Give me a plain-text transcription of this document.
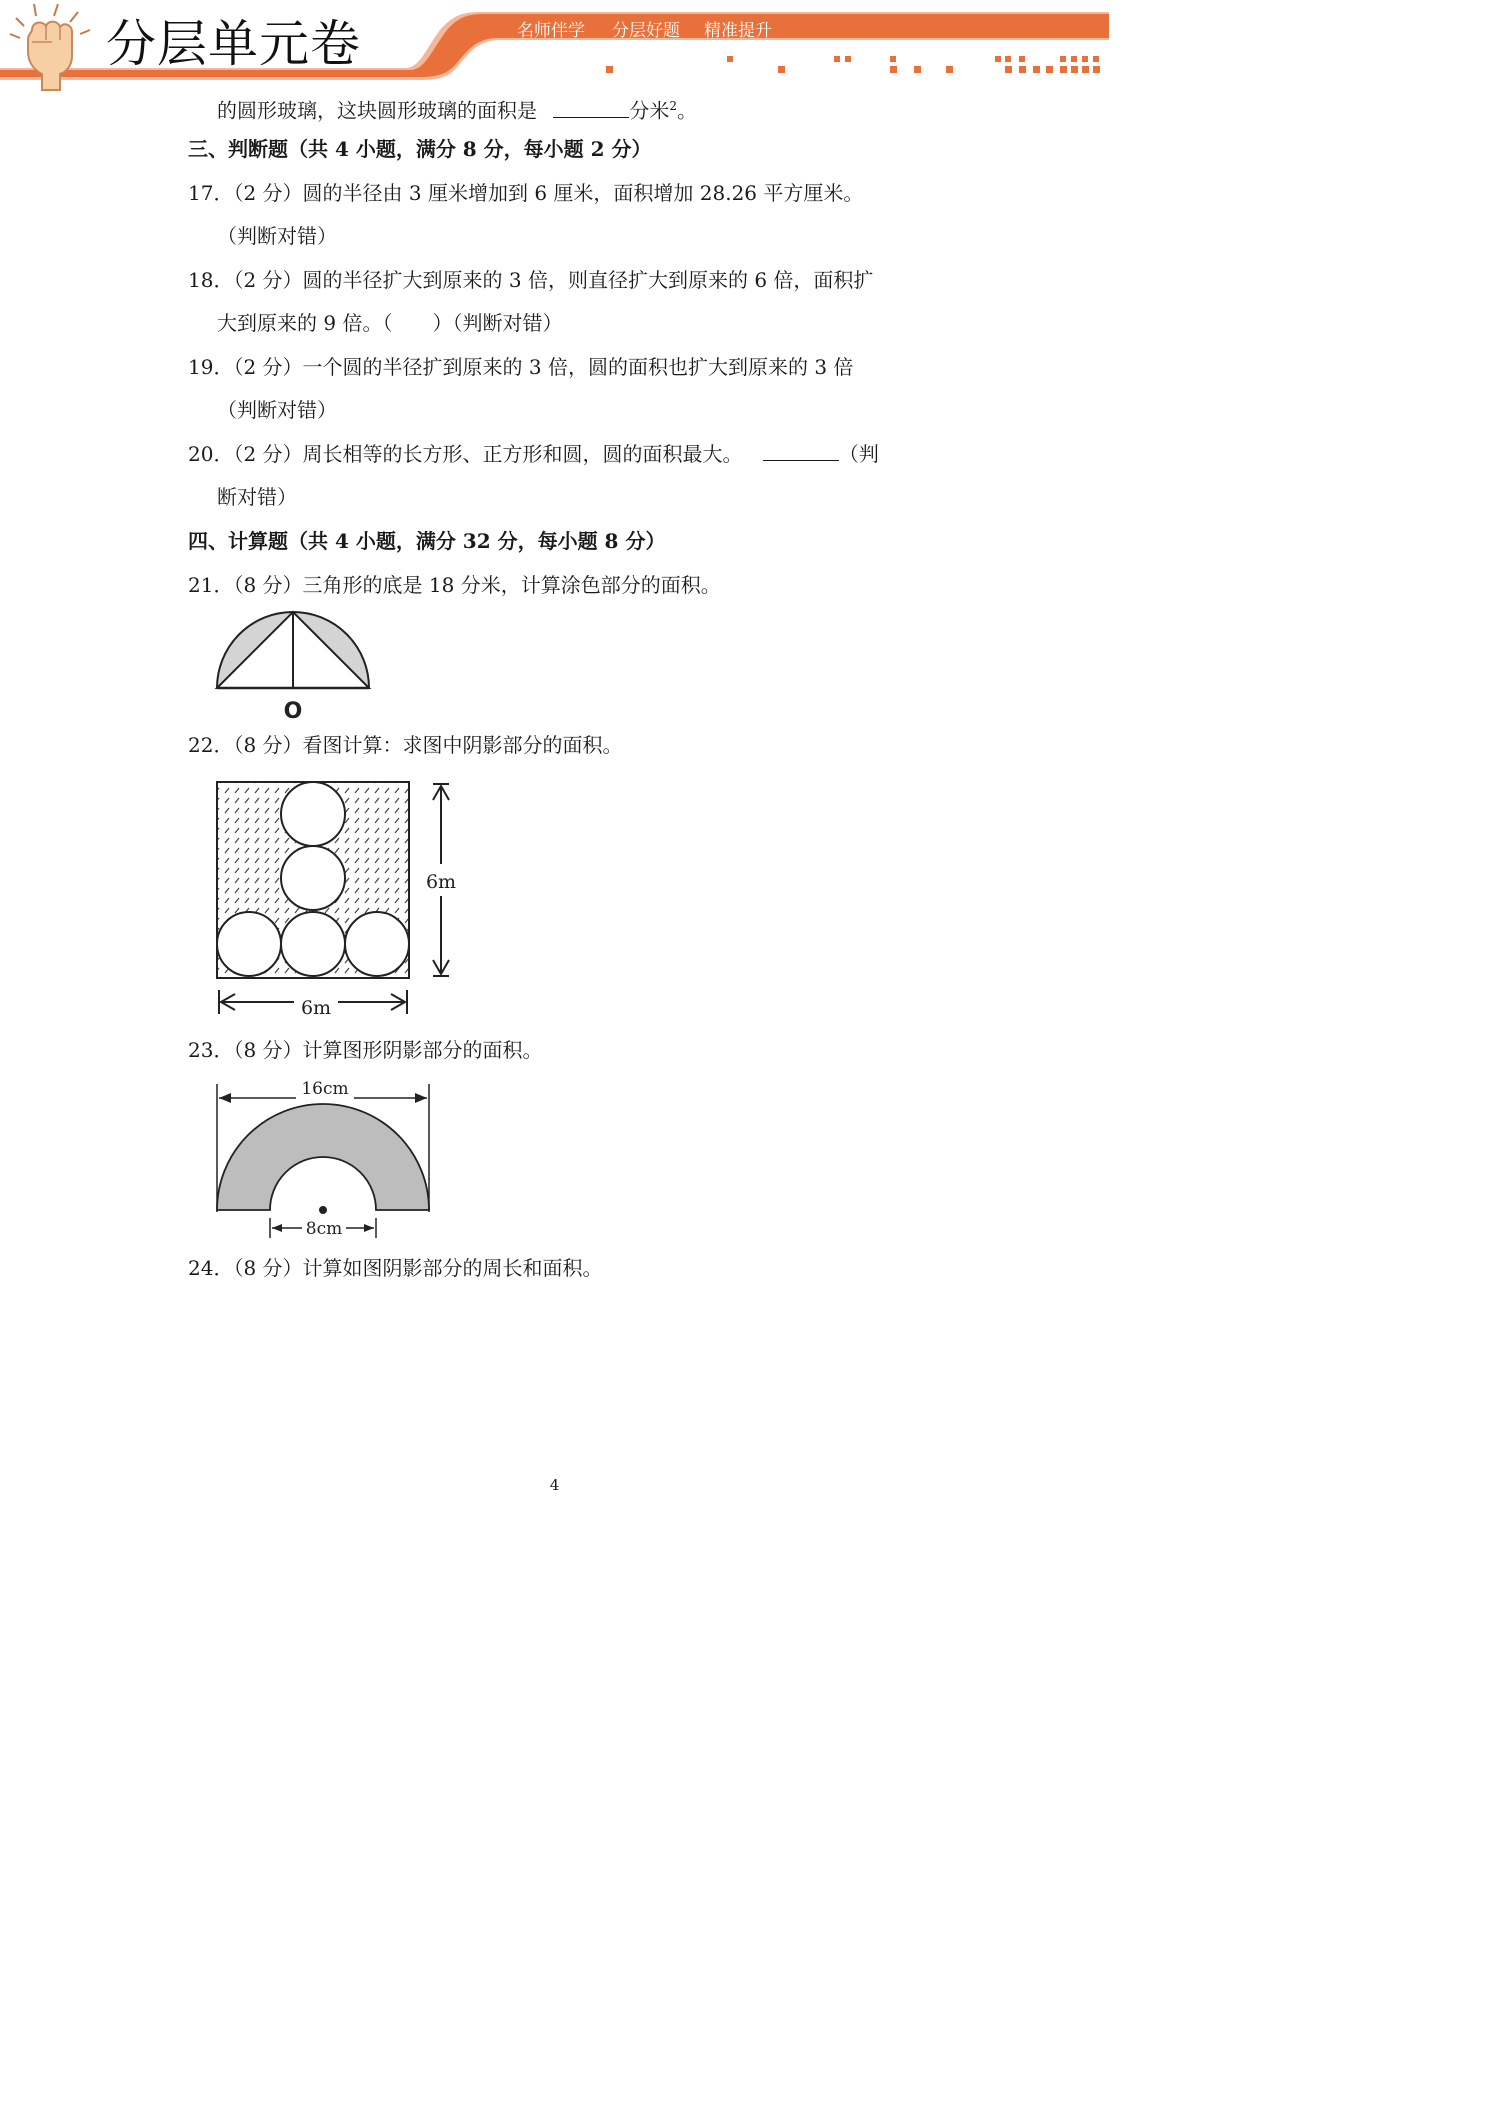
分层单元卷	名师伴学 分层好题 精准提升
的圆形玻璃，这块圆形玻璃的面积是	分米$^2$。
三、判断题（共 4 小题，满分 8 分，每小题 2 分）
17．（2 分）圆的半径由 3 厘米增加到 6 厘米，面积增加 28.26 平方厘米。
（判断对错）
18．（2 分）圆的半径扩大到原来的 3 倍，则直径扩大到原来的 6 倍，面积扩
大到原来的 9 倍。（　　）（判断对错）
19．（2 分）一个圆的半径扩到原来的 3 倍，圆的面积也扩大到原来的 3 倍
（判断对错）
20．（2 分）周长相等的长方形、正方形和圆，圆的面积最大。	（判
断对错）
四、计算题（共 4 小题，满分 32 分，每小题 8 分）
21．（8 分）三角形的底是 18 分米，计算涂色部分的面积。
O
22．（8 分）看图计算：求图中阴影部分的面积。
6m
6m
23．（8 分）计算图形阴影部分的面积。
16cm
8cm
24．（8 分）计算如图阴影部分的周长和面积。
4
